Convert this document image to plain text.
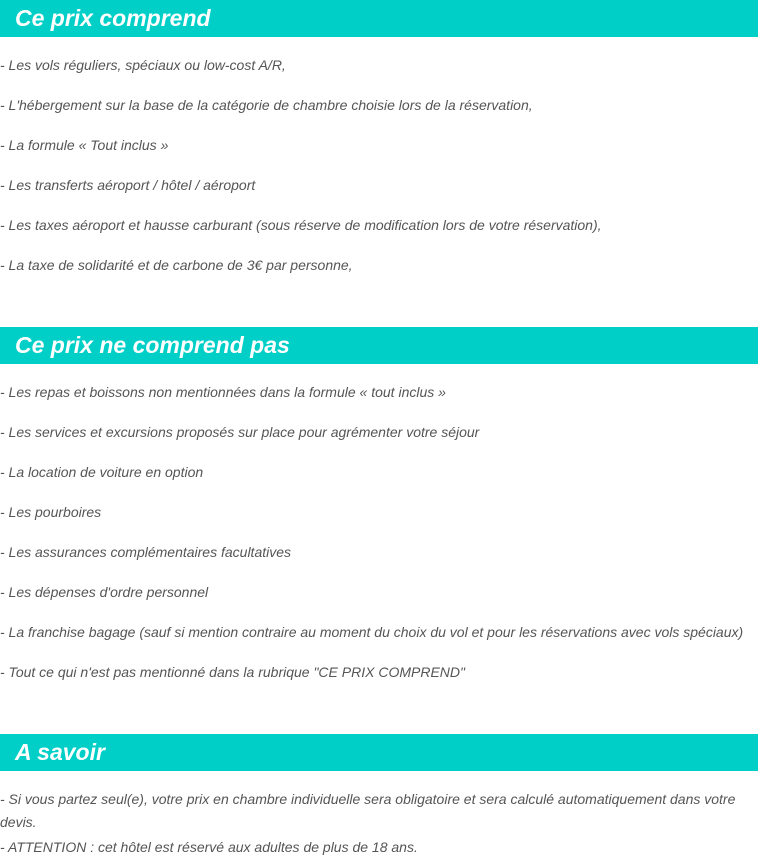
Ce prix comprend
- Les vols réguliers, spéciaux ou low-cost A/R,
- L'hébergement sur la base de la catégorie de chambre choisie lors de la réservation,
- La formule « Tout inclus »
- Les transferts aéroport / hôtel / aéroport
- Les taxes aéroport et hausse carburant (sous réserve de modification lors de votre réservation),
- La taxe de solidarité et de carbone de 3€ par personne,
Ce prix ne comprend pas
- Les repas et boissons non mentionnées dans la formule « tout inclus »
- Les services et excursions proposés sur place pour agrémenter votre séjour
- La location de voiture en option
- Les pourboires
- Les assurances complémentaires facultatives
- Les dépenses d'ordre personnel
- La franchise bagage (sauf si mention contraire au moment du choix du vol et pour les réservations avec vols spéciaux)
- Tout ce qui n'est pas mentionné dans la rubrique "CE PRIX COMPREND"
A savoir
- Si vous partez seul(e), votre prix en chambre individuelle sera obligatoire et sera calculé automatiquement dans votre devis.
- ATTENTION : cet hôtel est réservé aux adultes de plus de 18 ans.
